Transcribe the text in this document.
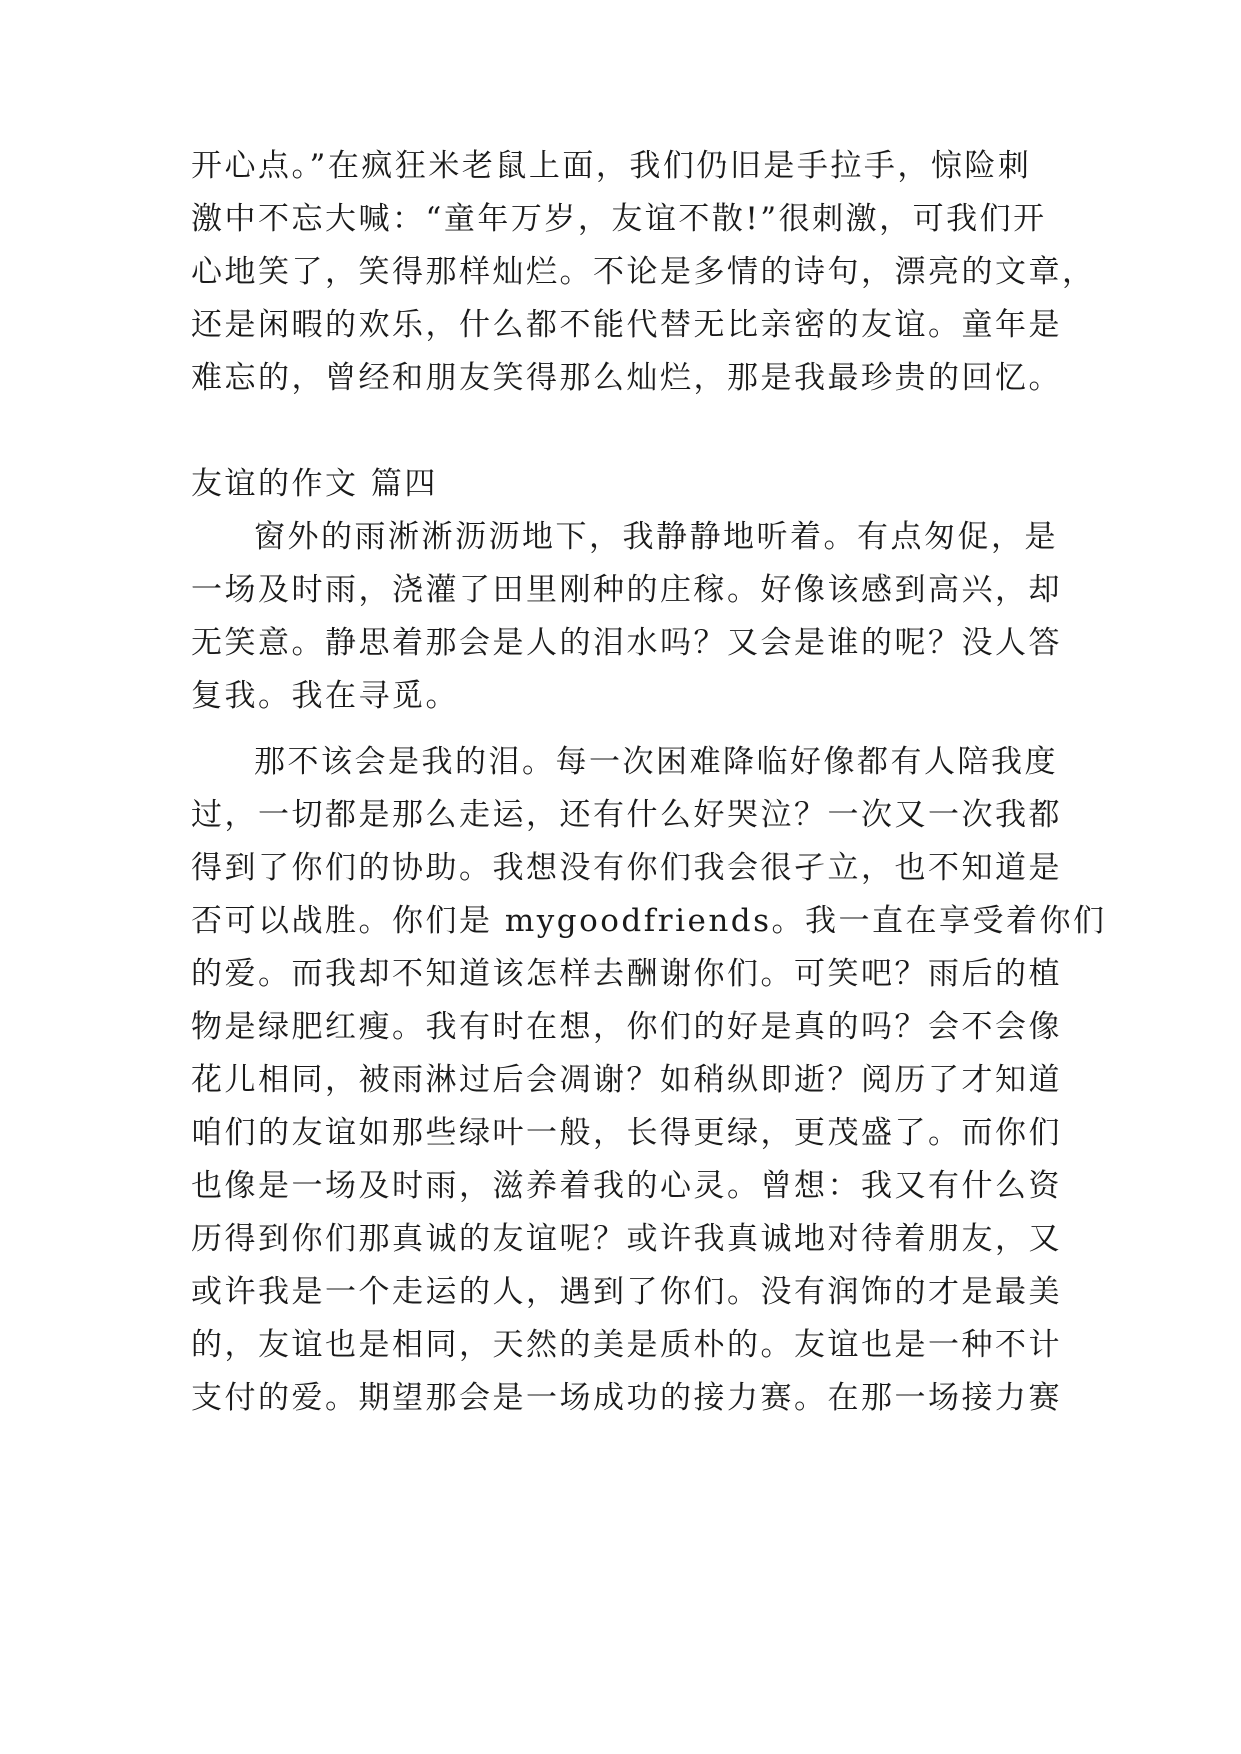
开心点。”在疯狂米老鼠上面，我们仍旧是手拉手，惊险刺
激中不忘大喊：“童年万岁，友谊不散!”很刺激，可我们开
心地笑了，笑得那样灿烂。不论是多情的诗句，漂亮的文章，
还是闲暇的欢乐，什么都不能代替无比亲密的友谊。童年是
难忘的，曾经和朋友笑得那么灿烂，那是我最珍贵的回忆。
友谊的作文 篇四
窗外的雨淅淅沥沥地下，我静静地听着。有点匆促，是
一场及时雨，浇灌了田里刚种的庄稼。好像该感到高兴，却
无笑意。静思着那会是人的泪水吗？又会是谁的呢？没人答
复我。我在寻觅。
那不该会是我的泪。每一次困难降临好像都有人陪我度
过，一切都是那么走运，还有什么好哭泣？一次又一次我都
得到了你们的协助。我想没有你们我会很孑立，也不知道是
否可以战胜。你们是 mygoodfriends。我一直在享受着你们
的爱。而我却不知道该怎样去酬谢你们。可笑吧？雨后的植
物是绿肥红瘦。我有时在想，你们的好是真的吗？会不会像
花儿相同，被雨淋过后会凋谢？如稍纵即逝？阅历了才知道
咱们的友谊如那些绿叶一般，长得更绿，更茂盛了。而你们
也像是一场及时雨，滋养着我的心灵。曾想：我又有什么资
历得到你们那真诚的友谊呢？或许我真诚地对待着朋友，又
或许我是一个走运的人，遇到了你们。没有润饰的才是最美
的，友谊也是相同，天然的美是质朴的。友谊也是一种不计
支付的爱。期望那会是一场成功的接力赛。在那一场接力赛
